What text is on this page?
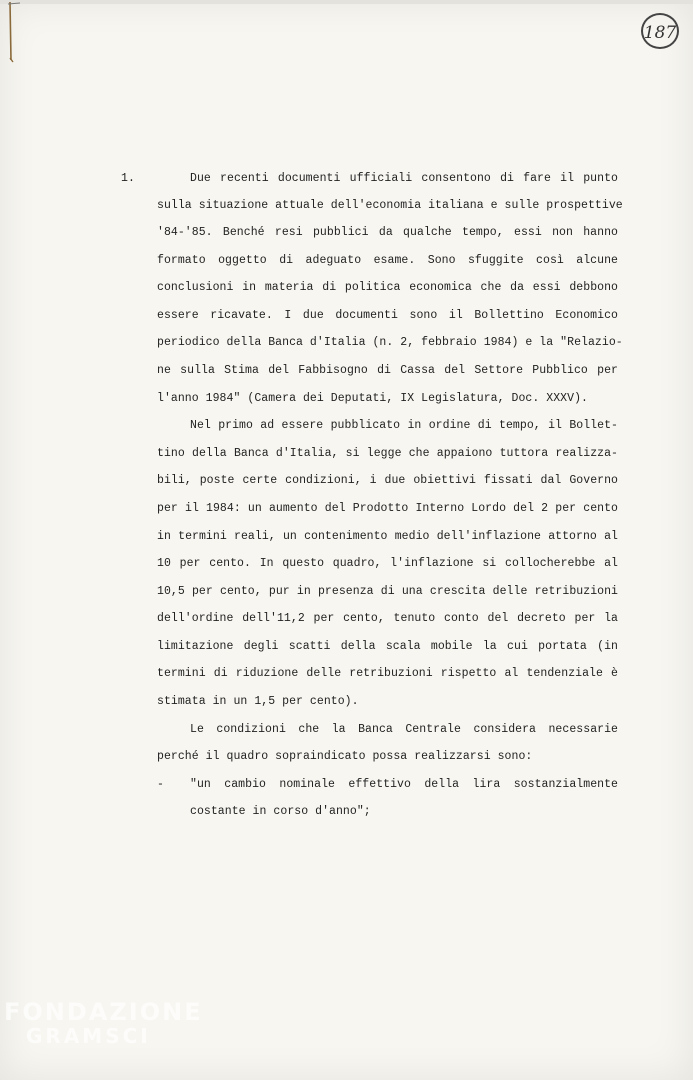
187
1.	Due recenti documenti ufficiali consentono di fare il punto
sulla situazione attuale dell'economia italiana e sulle prospettive
'84-'85. Benché resi pubblici da qualche tempo, essi non hanno
formato oggetto di adeguato esame. Sono sfuggite così alcune
conclusioni in materia di politica economica che da essi debbono
essere ricavate. I due documenti sono il Bollettino Economico
periodico della Banca d'Italia (n. 2, febbraio 1984) e la "Relazio-
ne sulla Stima del Fabbisogno di Cassa del Settore Pubblico per
l'anno 1984" (Camera dei Deputati, IX Legislatura, Doc. XXXV).
Nel primo ad essere pubblicato in ordine di tempo, il Bollet-
tino della Banca d'Italia, si legge che appaiono tuttora realizza-
bili, poste certe condizioni, i due obiettivi fissati dal Governo
per il 1984: un aumento del Prodotto Interno Lordo del 2 per cento
in termini reali, un contenimento medio dell'inflazione attorno al
10 per cento. In questo quadro, l'inflazione si collocherebbe al
10,5 per cento, pur in presenza di una crescita delle retribuzioni
dell'ordine dell'11,2 per cento, tenuto conto del decreto per la
limitazione degli scatti della scala mobile la cui portata (in
termini di riduzione delle retribuzioni rispetto al tendenziale è
stimata in un 1,5 per cento).
Le condizioni che la Banca Centrale considera necessarie
perché il quadro sopraindicato possa realizzarsi sono:
- "un cambio nominale effettivo della lira sostanzialmente
costante in corso d'anno";
FONDAZIONE
GRAMSCI
